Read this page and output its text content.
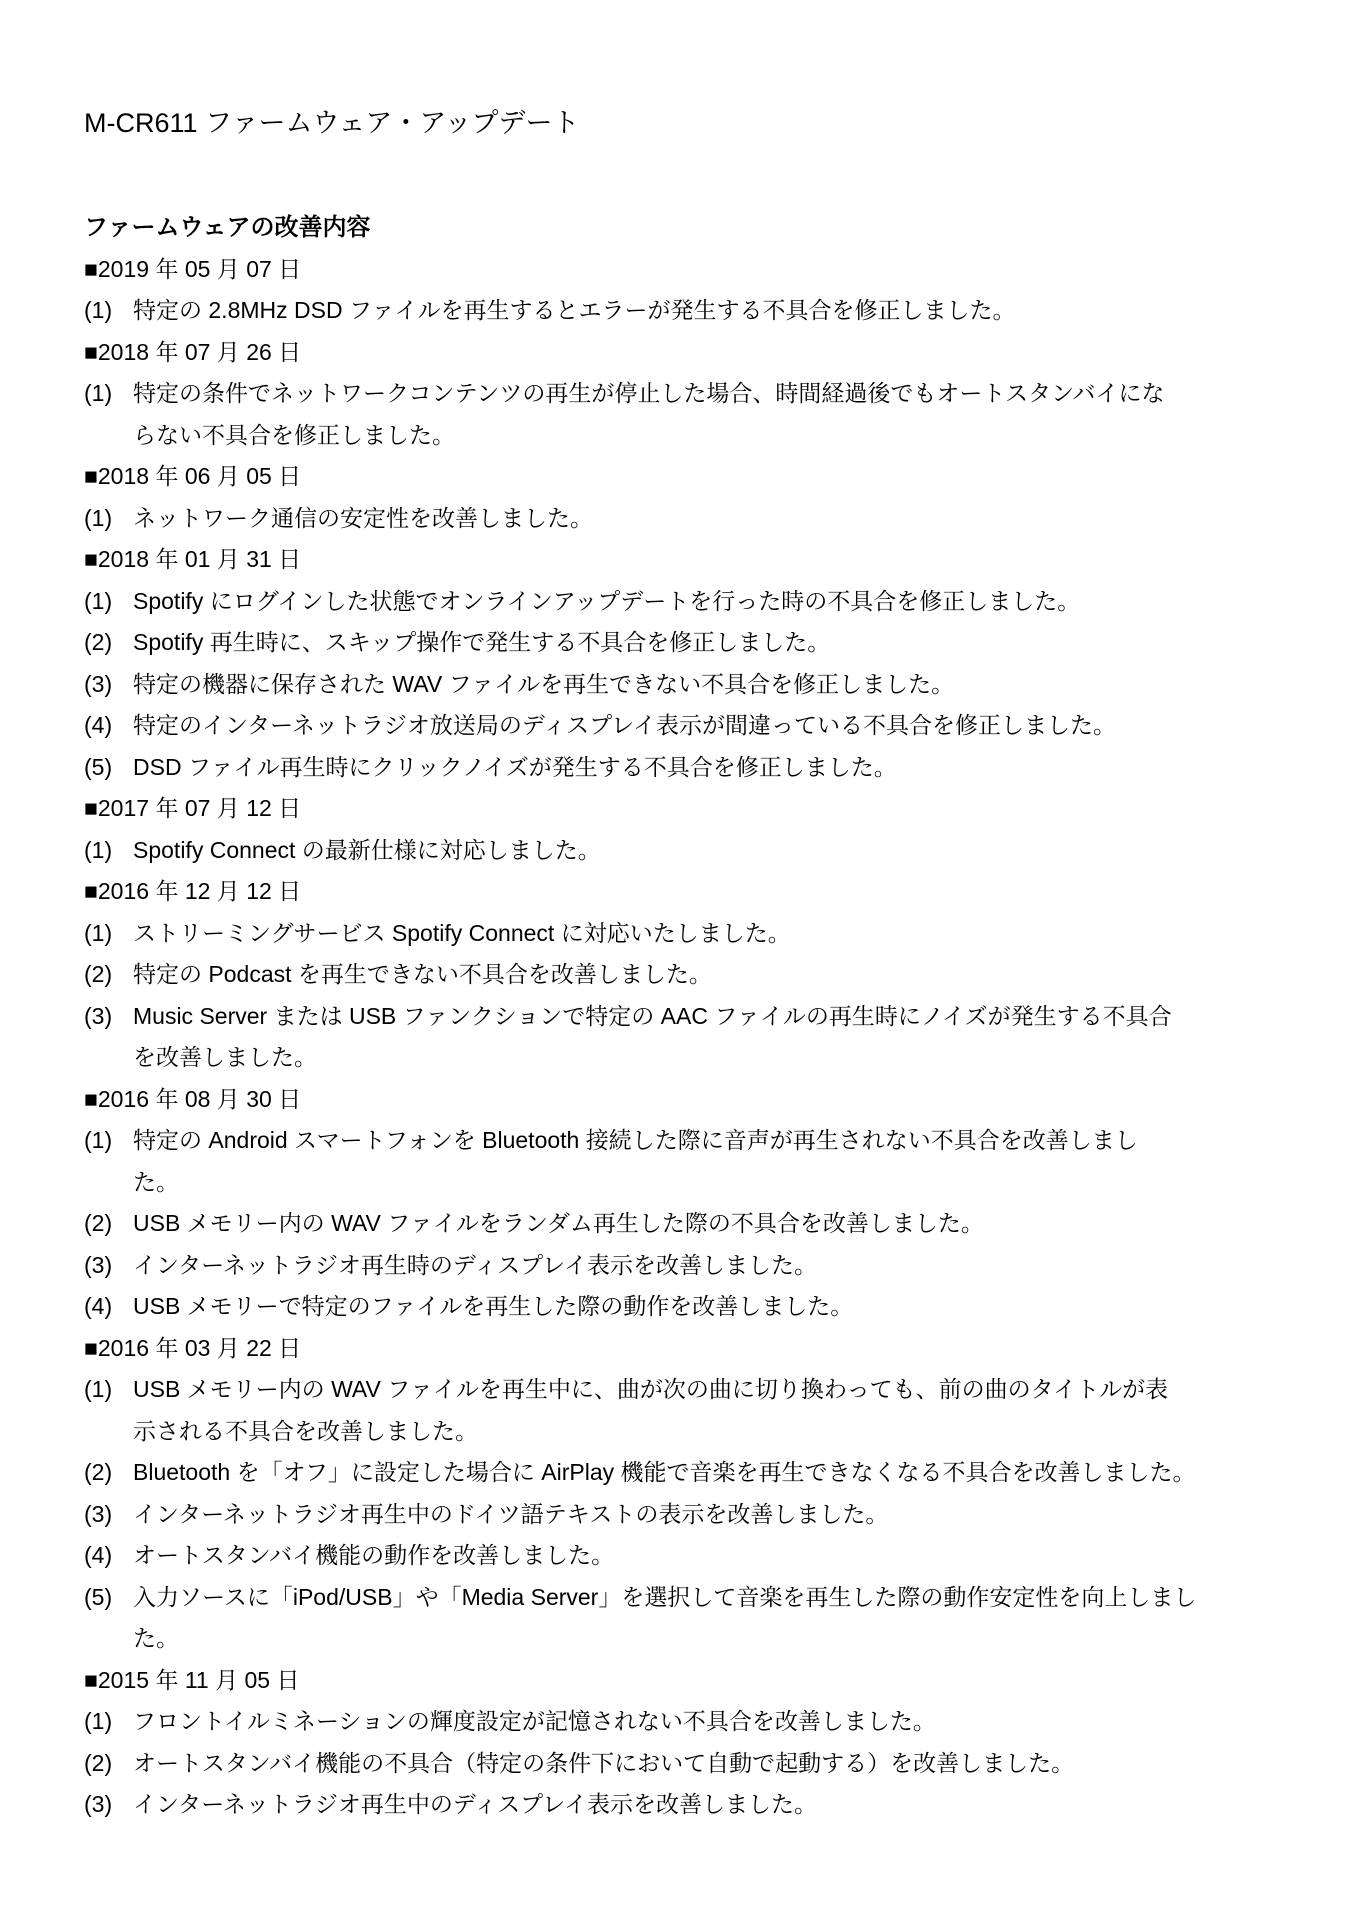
M-CR611 ファームウェア・アップデート
ファームウェアの改善内容
■2019 年 05 月 07 日
(1) 特定の 2.8MHz DSD ファイルを再生するとエラーが発生する不具合を修正しました。
■2018 年 07 月 26 日
(1) 特定の条件でネットワークコンテンツの再生が停止した場合、時間経過後でもオートスタンバイにな
らない不具合を修正しました。
■2018 年 06 月 05 日
(1) ネットワーク通信の安定性を改善しました。
■2018 年 01 月 31 日
(1) Spotify にログインした状態でオンラインアップデートを行った時の不具合を修正しました。
(2) Spotify 再生時に、スキップ操作で発生する不具合を修正しました。
(3) 特定の機器に保存された WAV ファイルを再生できない不具合を修正しました。
(4) 特定のインターネットラジオ放送局のディスプレイ表示が間違っている不具合を修正しました。
(5) DSD ファイル再生時にクリックノイズが発生する不具合を修正しました。
■2017 年 07 月 12 日
(1) Spotify Connect の最新仕様に対応しました。
■2016 年 12 月 12 日
(1) ストリーミングサービス Spotify Connect に対応いたしました。
(2) 特定の Podcast を再生できない不具合を改善しました。
(3) Music Server または USB ファンクションで特定の AAC ファイルの再生時にノイズが発生する不具合
を改善しました。
■2016 年 08 月 30 日
(1) 特定の Android スマートフォンを Bluetooth 接続した際に音声が再生されない不具合を改善しまし
た。
(2) USB メモリー内の WAV ファイルをランダム再生した際の不具合を改善しました。
(3) インターネットラジオ再生時のディスプレイ表示を改善しました。
(4) USB メモリーで特定のファイルを再生した際の動作を改善しました。
■2016 年 03 月 22 日
(1) USB メモリー内の WAV ファイルを再生中に、曲が次の曲に切り換わっても、前の曲のタイトルが表
示される不具合を改善しました。
(2) Bluetooth を「オフ」に設定した場合に AirPlay 機能で音楽を再生できなくなる不具合を改善しました。
(3) インターネットラジオ再生中のドイツ語テキストの表示を改善しました。
(4) オートスタンバイ機能の動作を改善しました。
(5) 入力ソースに「iPod/USB」や「Media Server」を選択して音楽を再生した際の動作安定性を向上しまし
た。
■2015 年 11 月 05 日
(1) フロントイルミネーションの輝度設定が記憶されない不具合を改善しました。
(2) オートスタンバイ機能の不具合（特定の条件下において自動で起動する）を改善しました。
(3) インターネットラジオ再生中のディスプレイ表示を改善しました。
